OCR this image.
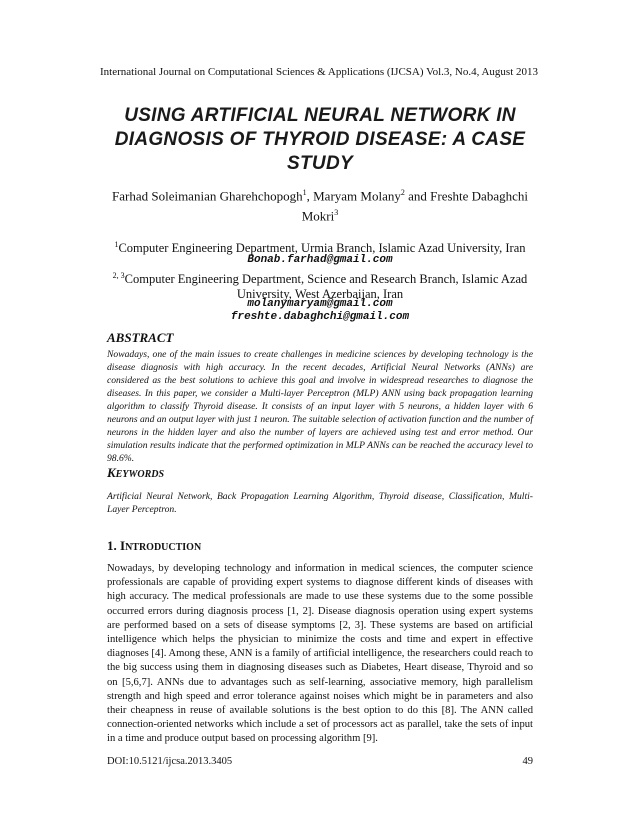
International Journal on Computational Sciences & Applications (IJCSA) Vol.3, No.4, August 2013
USING ARTIFICIAL NEURAL NETWORK IN
DIAGNOSIS OF THYROID DISEASE: A CASE
STUDY
Farhad Soleimanian Gharehchopogh$^1$, Maryam Molany$^2$ and Freshte Dabaghchi Mokri$^3$
$^1$Computer Engineering Department, Urmia Branch, Islamic Azad University, Iran
Bonab.farhad@gmail.com
$^{2, 3}$Computer Engineering Department, Science and Research Branch, Islamic Azad
University, West Azerbaijan, Iran
molanymaryam@gmail.com
freshte.dabaghchi@gmail.com
ABSTRACT
Nowadays, one of the main issues to create challenges in medicine sciences by developing technology is the disease diagnosis with high accuracy. In the recent decades, Artificial Neural Networks (ANNs) are considered as the best solutions to achieve this goal and involve in widespread researches to diagnose the diseases. In this paper, we consider a Multi-layer Perceptron (MLP) ANN using back propagation learning algorithm to classify Thyroid disease. It consists of an input layer with 5 neurons, a hidden layer with 6 neurons and an output layer with just 1 neuron. The suitable selection of activation function and the number of neurons in the hidden layer and also the number of layers are achieved using test and error method. Our simulation results indicate that the performed optimization in MLP ANNs can be reached the accuracy level to 98.6%.
KEYWORDS
Artificial Neural Network, Back Propagation Learning Algorithm, Thyroid disease, Classification, Multi-Layer Perceptron.
1. INTRODUCTION
Nowadays, by developing technology and information in medical sciences, the computer science professionals are capable of providing expert systems to diagnose different kinds of diseases with high accuracy. The medical professionals are made to use these systems due to the some possible occurred errors during diagnosis process [1, 2]. Disease diagnosis operation using expert systems are performed based on a sets of disease symptoms [2, 3]. These systems are based on artificial intelligence which helps the physician to minimize the costs and time and expert in effective diagnoses [4]. Among these, ANN is a family of artificial intelligence, the researchers could reach to the big success using them in diagnosing diseases such as Diabetes, Heart disease, Thyroid and so on [5,6,7]. ANNs due to advantages such as self-learning, associative memory, high parallelism strength and high speed and error tolerance against noises which might be in parameters and also their cheapness in reuse of available solutions is the best option to do this [8]. The ANN called connection-oriented networks which include a set of processors act as parallel, take the sets of input in a time and produce output based on processing algorithm [9].
DOI:10.5121/ijcsa.2013.3405	49
